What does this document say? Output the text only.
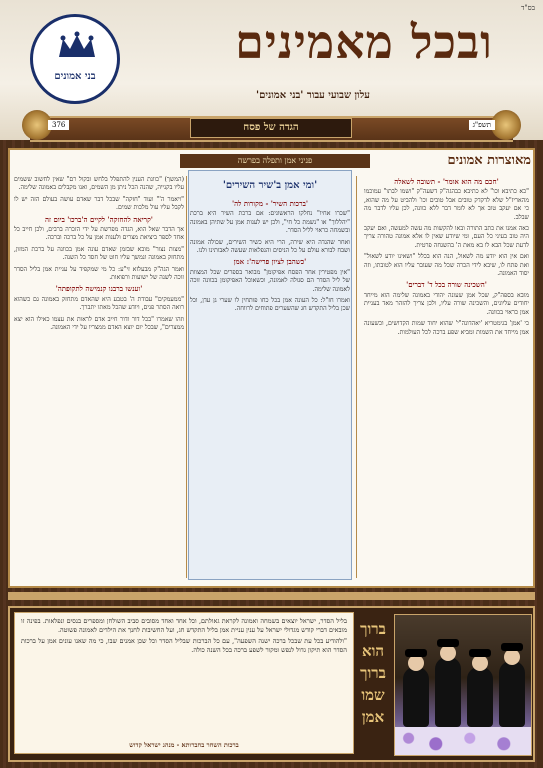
בס"ד
ובכל מאמינים
עלון שבועי עבור 'בני אמונים'
בני אמונים
376	תשפ"ג
הגדה של פסח
מאוצרות אמונים
פניני אמן ותפלה בפרשה
'ומי אמן ב'שיר השירים'	'חכם מה הוא אומר' - תשובה לשאלה

"כא כתיבא וכו" לא כתיבא כבהגה"ק דשעה"ק "ושמו לבתו" עמוכמו מהאריז"ל שלא לדקדק טובים אבל טובים וכו' ולהביט על מה שהוא, כי אם יעקב טוב אך לא לומר דבר ללא כוונה, לכן עליו לדבר מה שבלב.

כאה אמנו את כתב התורה ובאו להקשות מה עשה למעשה, ואם יעקב היה טוב בעיני כל העם, ומי שיודע שאין לו אלא אמונה טהורה צריך לדעת שכל הבא לו בא מאת ה' בהשגחה פרטית.

ואם אין הוא יודע מה לשאול, הנה הוא בכלל "ושאינו יודע לשאול" ואת פתח לו, שיבא לידי הכרה שכל מה שעובר עליו הוא לטובתו, וזה יסוד האמונה.

'השכינה שורה בכל ד' דברים'

מובא בספה"ק, שכל אמן שעונה יהודי באמונה שלימה הוא מייחד יחודים עליונים, והשכינה שורה עליו, ולכן צריך להזהר מאד בעניית אמן כראוי בכוונה.

כי 'אמן' בגימטריא 'יאהדונה"י' שהוא יחוד שמות הקדושים, וכשעונה אמן מייחד את השמות ומביא שפע ברכה לכל העולמות.

'ברכות השיר' - מקורות לה'

"שכרו אחיו" נחלקו הראשונים: אם ברכת השיר היא ברכת "יהללוך" או "נשמת כל חי", ולכן יש לענות אמן על שתיהן באמונה ובשמחה כראוי לליל הסדר.

ואחר שהגדה היא שירה, הרי היא כשיר השירים, שכולה אמונה ושבח לבורא עולם על כל הניסים והנפלאות שעשה לאבותינו ולנו.

'כשהבן לציון פרישה': אמן

"אין מפטירין אחר הפסח אפיקומן" מבואר בספרים שכל המצוות של ליל הסדר הם סגולה לאמונה, וכשאוכל האפיקומן בכוונה זוכה לאמונה שלימה.

ואמרו חז"ל: כל העונה אמן בכל כחו פותחין לו שערי גן עדן, וכל שכן בליל התקדש חג שהשערים פתוחים לרווחה.

(המשך) "כוונת הענין להתפלל בלחש ובקול רם" שאין לחשוב ששמים עליו בקנייה, שהנה הכל ניתן מן השמים, ואנו מקבלים באמונה שלימה.

"ויאמר ה'" ועוד "חזקה" שבכל דבר שאדם עושה בעולם הזה יש לו לקבל עליו עול מלכות שמים.

'קריאה להחזקה' לקיים ה'ברכו' ביום זה

אך הדבר שאל הוא, הגדה מפרשת על ידי הזכרה ברבים, ולכן חייב כל אחד לספר ביציאת מצרים ולענות אמן על כל ברכה וברכה.

"מצות נצור" מובא שבזמן שאדם עונה אמן בכוונה על ברכת המזון, מתחזק באמונה ונמשך עליו חוט של חסד כל השנה.

ואמר הגה"ק מבעלזא זי"ע: כל מי שמקפיד על עניית אמן בליל הסדר זוכה לשנה של ישועות ורפואות.

'וענשו ברבנו קנמישה לתקופתה'

"ממעמקים" עבודת ה' בטבע היא שהאדם מתחזק באמונה גם כשהוא רואה הסתר פנים, ויודע שהכל מאתו יתברך.

וזהו שאמרו "בכל דור ודור חייב אדם לראות את עצמו כאילו הוא יצא ממצרים", שבכל יום יוצא האדם ממצריו על ידי האמונה.

בליל הסדר, ישראל יוצאים בשמחה ואמונה לקראת גאולתם, וכל אחד ואחד מסובים סביב השולחן ומספרים בנסים ונפלאות. בפינה זו מובאים דברי קודש מגדולי ישראל על ענין עניית אמן בליל התקדש חג, ועל החשיבות לחנך את הילדים לאמונה פשוטה.

"ולהודיע בכל עת שבכל ברכה ישנה השפעה", עם כל הברכות שבליל הסדר וכל שכן אמנים שבו, כי מה שאנו עונים אמן על ברכות הסדר הוא תיקון גדול לנפש ומקור לשפע ברכה בכל השנה כולה.

ברכות השחר בחברותא - מנהג ישראל קדוש
ברוך הוא ברוך שמו אמן
